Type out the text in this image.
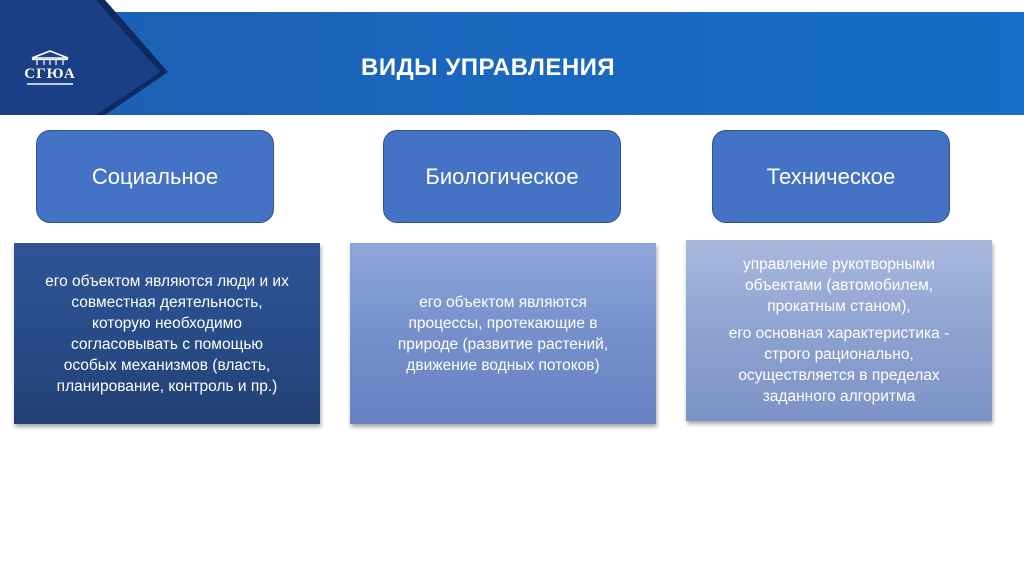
СГЮА	ВИДЫ УПРАВЛЕНИЯ
Социальное	Биологическое	Техническое
его объектом являются люди и их
совместная деятельность,
которую необходимо
согласовывать с помощью
особых механизмов (власть,
планирование, контроль и пр.)
его объектом являются
процессы, протекающие в
природе (развитие растений,
движение водных потоков)

управление рукотворными
объектами (автомобилем,
прокатным станом),

его основная характеристика -
строго рационально,
осуществляется в пределах
заданного алгоритма
